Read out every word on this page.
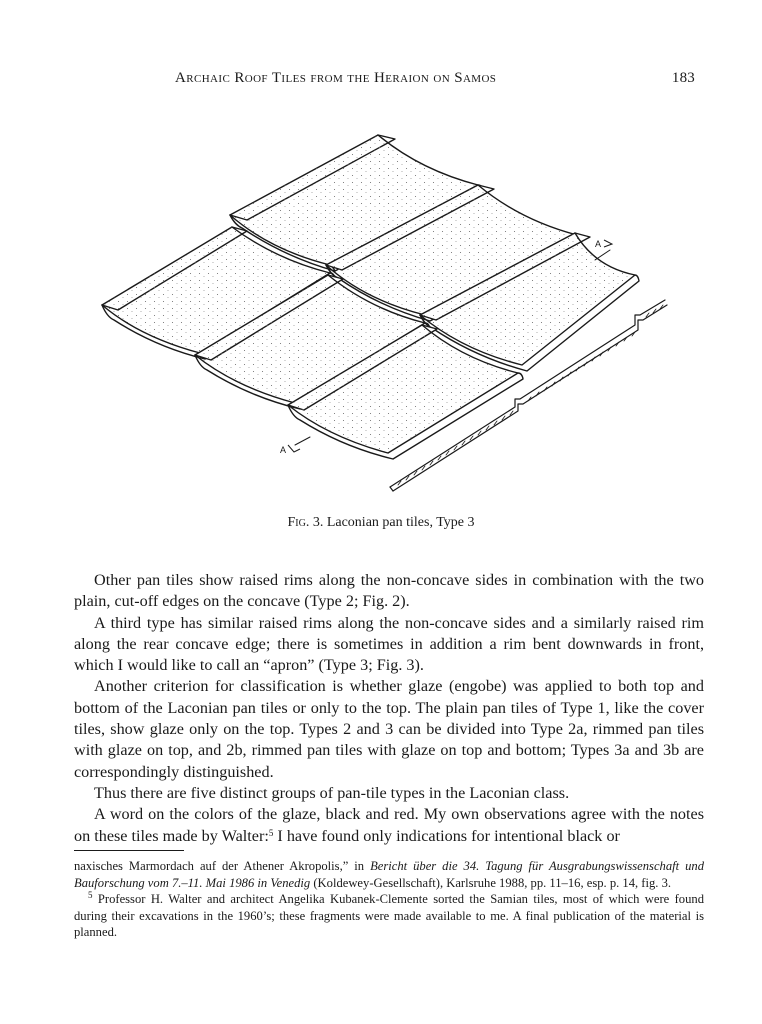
Archaic Roof Tiles from the Heraion on Samos	183
A
A
Fig. 3. Laconian pan tiles, Type 3

Other pan tiles show raised rims along the non-concave sides in combination with the two plain, cut-off edges on the concave (Type 2; Fig. 2).

A third type has similar raised rims along the non-concave sides and a similarly raised rim along the rear concave edge; there is sometimes in addition a rim bent downwards in front, which I would like to call an “apron” (Type 3; Fig. 3).

Another criterion for classification is whether glaze (engobe) was applied to both top and bottom of the Laconian pan tiles or only to the top. The plain pan tiles of Type 1, like the cover tiles, show glaze only on the top. Types 2 and 3 can be divided into Type 2a, rimmed pan tiles with glaze on top, and 2b, rimmed pan tiles with glaze on top and bottom; Types 3a and 3b are correspondingly distinguished.

Thus there are five distinct groups of pan-tile types in the Laconian class.

A word on the colors of the glaze, black and red. My own observations agree with the notes on these tiles made by Walter:$^5$ I have found only indications for intentional black or

naxisches Marmordach auf der Athener Akropolis,” in Bericht über die 34. Tagung für Ausgrabungswissenschaft und Bauforschung vom 7.–11. Mai 1986 in Venedig (Koldewey-Gesellschaft), Karlsruhe 1988, pp. 11–16, esp. p. 14, fig. 3.

$^5$ Professor H. Walter and architect Angelika Kubanek-Clemente sorted the Samian tiles, most of which were found during their excavations in the 1960’s; these fragments were made available to me. A final publication of the material is planned.
